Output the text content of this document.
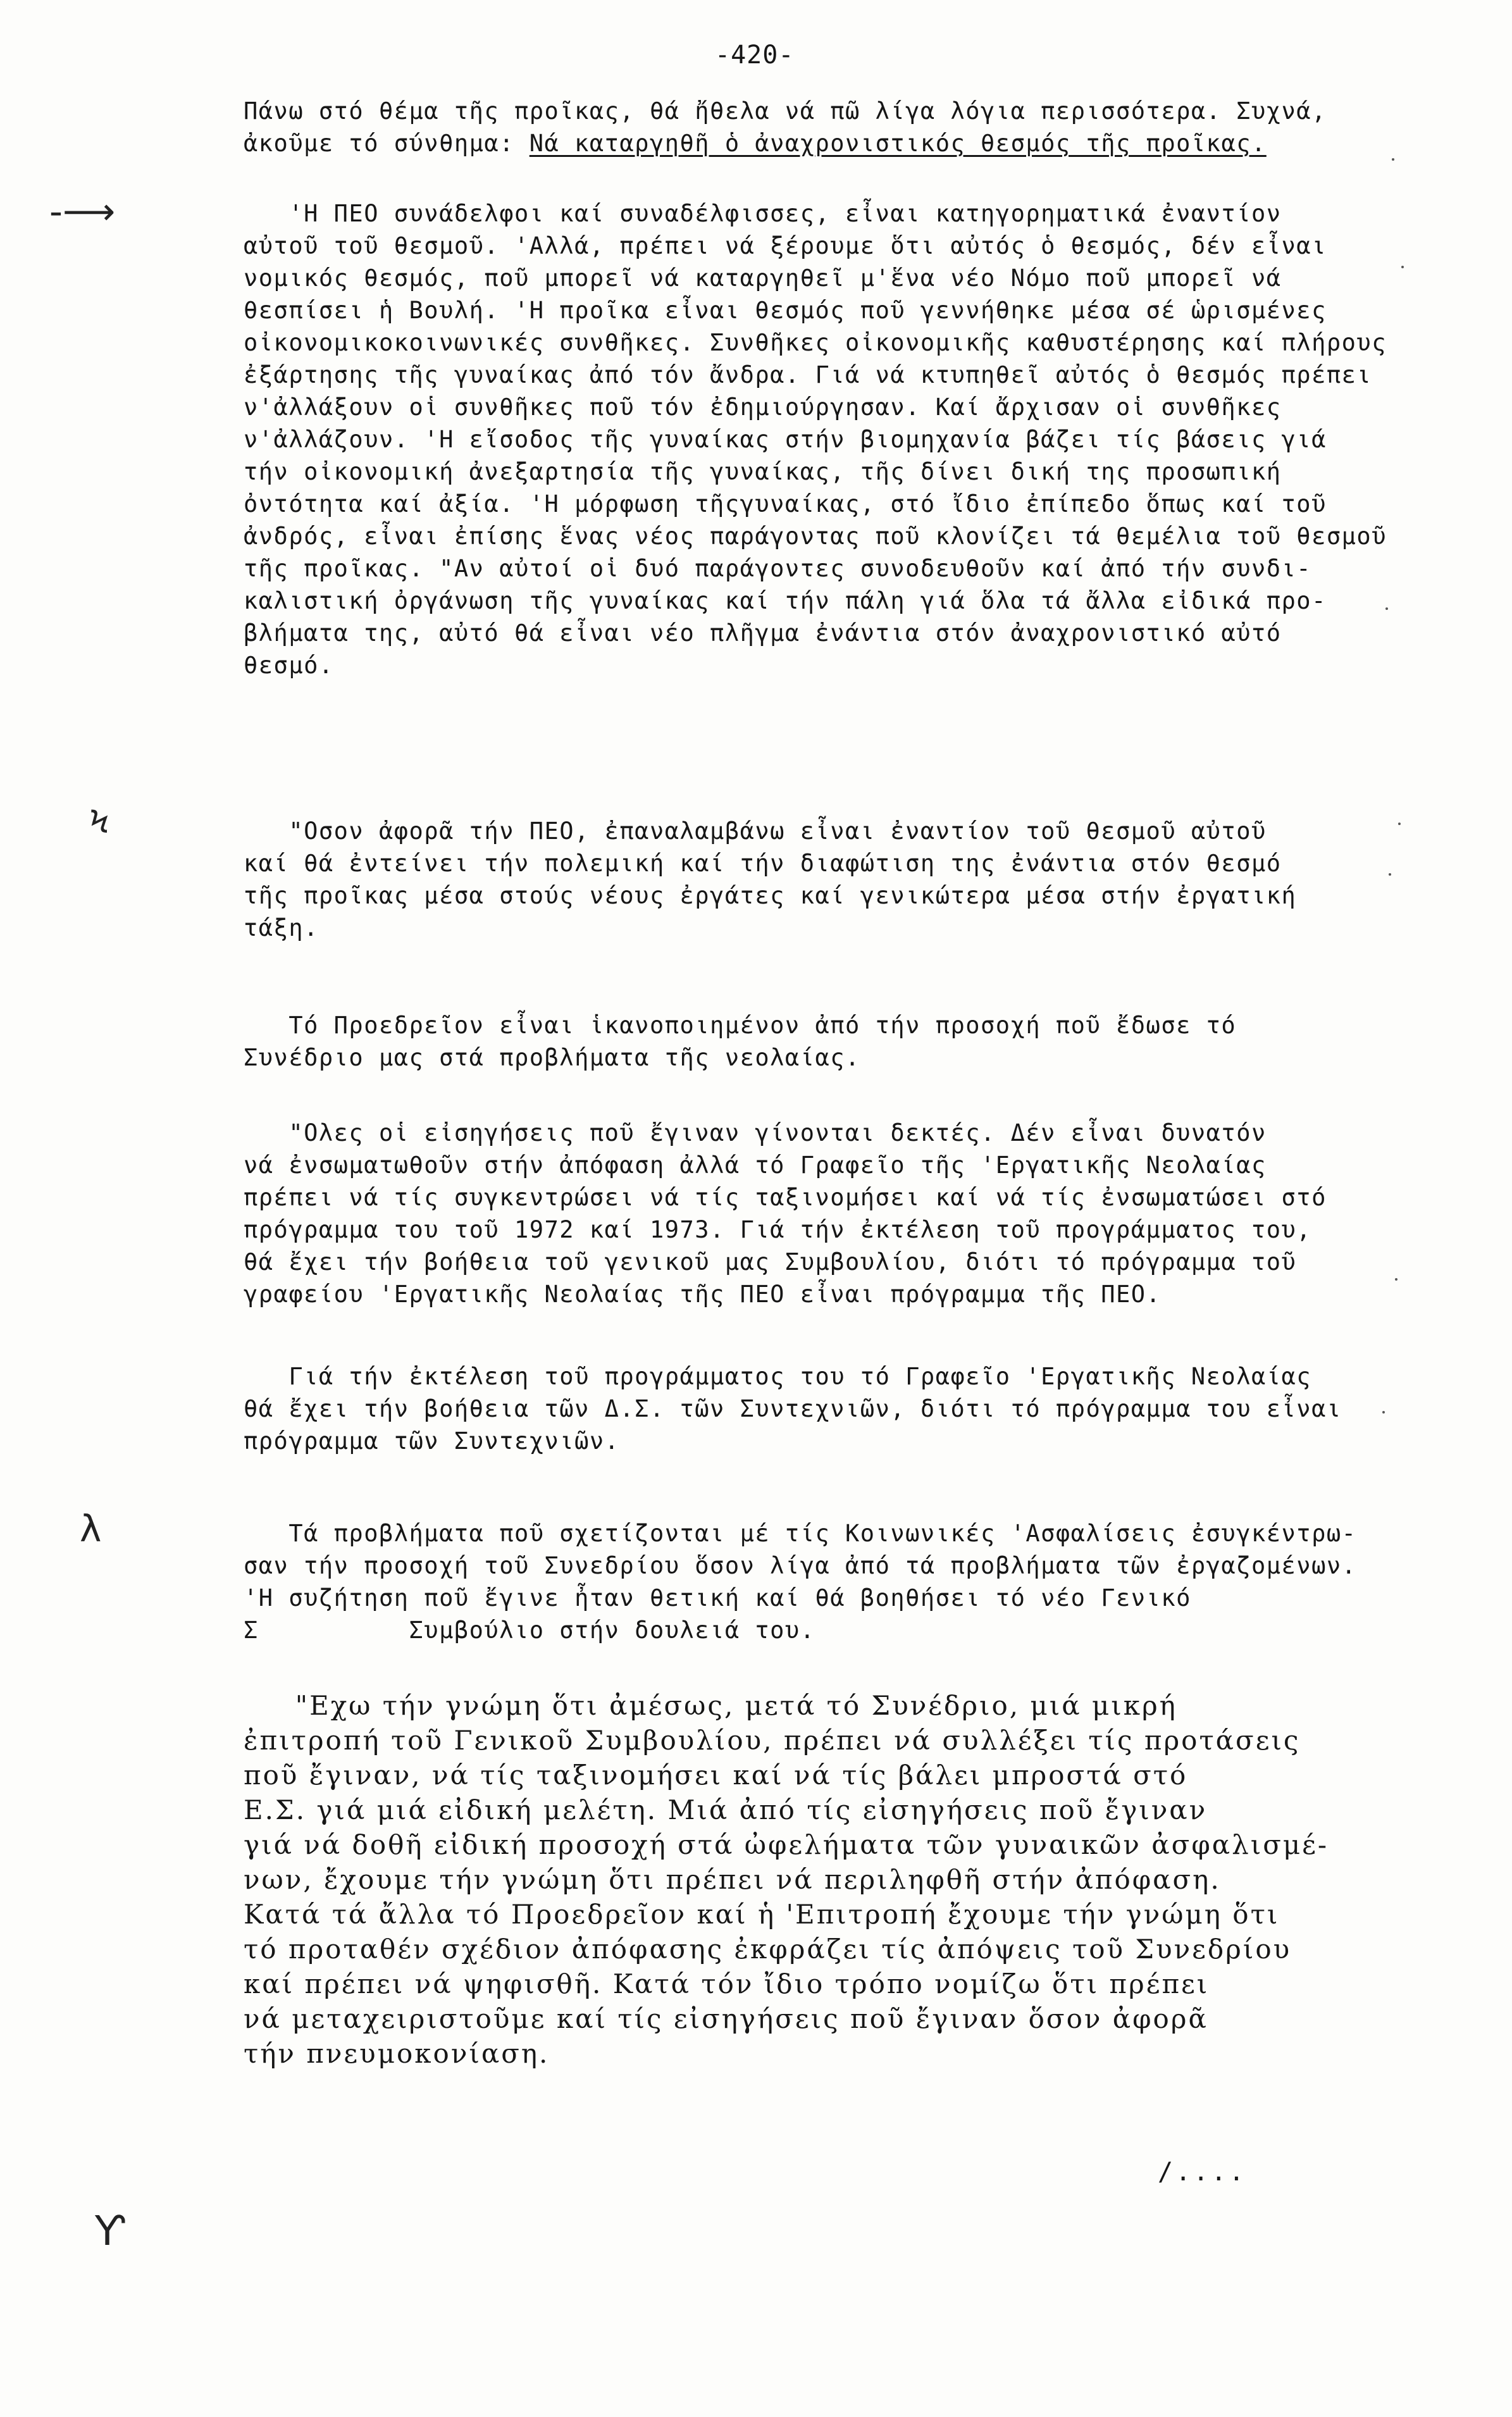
-420-
Πάνω στό θέμα τῆς προῖκας, θά ἤθελα νά πῶ λίγα λόγια περισσότερα. Συχνά,
ἀκοῦμε τό σύνθημα: Νά καταργηθῆ ὁ ἀναχρονιστικός θεσμός τῆς προῖκας.
'Η ΠΕΟ συνάδελφοι καί συναδέλφισσες, εἶναι κατηγορηματικά ἐναντίον
αὐτοῦ τοῦ θεσμοῦ. 'Αλλά, πρέπει νά ξέρουμε ὅτι αὐτός ὁ θεσμός, δέν εἶναι
νομικός θεσμός, ποῦ μπορεῖ νά καταργηθεῖ μ'ἕνα νέο Νόμο ποῦ μπορεῖ νά
θεσπίσει ἡ Βουλή. 'Η προῖκα εἶναι θεσμός ποῦ γεννήθηκε μέσα σέ ὡρισμένες
οἰκονομικοκοινωνικές συνθῆκες. Συνθῆκες οἰκονομικῆς καθυστέρησης καί πλήρους
ἐξάρτησης τῆς γυναίκας ἀπό τόν ἄνδρα. Γιά νά κτυπηθεῖ αὐτός ὁ θεσμός πρέπει
ν'ἀλλάξουν οἱ συνθῆκες ποῦ τόν ἐδημιούργησαν. Καί ἄρχισαν οἱ συνθῆκες
ν'ἀλλάζουν. 'Η εἴσοδος τῆς γυναίκας στήν βιομηχανία βάζει τίς βάσεις γιά
τήν οἰκονομική ἀνεξαρτησία τῆς γυναίκας, τῆς δίνει δική της προσωπική
ὀντότητα καί ἀξία. 'Η μόρφωση τῆςγυναίκας, στό ἴδιο ἐπίπεδο ὅπως καί τοῦ
ἀνδρός, εἶναι ἐπίσης ἕνας νέος παράγοντας ποῦ κλονίζει τά θεμέλια τοῦ θεσμοῦ
τῆς προῖκας. "Αν αὐτοί οἱ δυό παράγοντες συνοδευθοῦν καί ἀπό τήν συνδι-
καλιστική ὀργάνωση τῆς γυναίκας καί τήν πάλη γιά ὅλα τά ἄλλα εἰδικά προ-
βλήματα της, αὐτό θά εἶναι νέο πλῆγμα ἐνάντια στόν ἀναχρονιστικό αὐτό
θεσμό.
"Οσον ἀφορᾶ τήν ΠΕΟ, ἐπαναλαμβάνω εἶναι ἐναντίον τοῦ θεσμοῦ αὐτοῦ
καί θά ἐντείνει τήν πολεμική καί τήν διαφώτιση της ἐνάντια στόν θεσμό
τῆς προῖκας μέσα στούς νέους ἐργάτες καί γενικώτερα μέσα στήν ἐργατική
τάξη.
Τό Προεδρεῖον εἶναι ἱκανοποιημένον ἀπό τήν προσοχή ποῦ ἔδωσε τό
Συνέδριο μας στά προβλήματα τῆς νεολαίας.
"Ολες οἱ εἰσηγήσεις ποῦ ἔγιναν γίνονται δεκτές. Δέν εἶναι δυνατόν
νά ἐνσωματωθοῦν στήν ἀπόφαση ἀλλά τό Γραφεῖο τῆς 'Εργατικῆς Νεολαίας
πρέπει νά τίς συγκεντρώσει νά τίς ταξινομήσει καί νά τίς ἐνσωματώσει στό
πρόγραμμα του τοῦ 1972 καί 1973. Γιά τήν ἐκτέλεση τοῦ προγράμματος του,
θά ἔχει τήν βοήθεια τοῦ γενικοῦ μας Συμβουλίου, διότι τό πρόγραμμα τοῦ
γραφείου 'Εργατικῆς Νεολαίας τῆς ΠΕΟ εἶναι πρόγραμμα τῆς ΠΕΟ.
Γιά τήν ἐκτέλεση τοῦ προγράμματος του τό Γραφεῖο 'Εργατικῆς Νεολαίας
θά ἔχει τήν βοήθεια τῶν Δ.Σ. τῶν Συντεχνιῶν, διότι τό πρόγραμμα του εἶναι
πρόγραμμα τῶν Συντεχνιῶν.
Τά προβλήματα ποῦ σχετίζονται μέ τίς Κοινωνικές 'Ασφαλίσεις ἐσυγκέντρω-
σαν τήν προσοχή τοῦ Συνεδρίου ὅσον λίγα ἀπό τά προβλήματα τῶν ἐργαζομένων.
'Η συζήτηση ποῦ ἔγινε ἦταν θετική καί θά βοηθήσει τό νέο Γενικό
Σ          Συμβούλιο στήν δουλειά του.
"Εχω τήν γνώμη ὅτι ἀμέσως, μετά τό Συνέδριο, μιά μικρή
ἐπιτροπή τοῦ Γενικοῦ Συμβουλίου, πρέπει νά συλλέξει τίς προτάσεις
ποῦ ἔγιναν, νά τίς ταξινομήσει καί νά τίς βάλει μπροστά στό
Ε.Σ. γιά μιά εἰδική μελέτη. Μιά ἀπό τίς εἰσηγήσεις ποῦ ἔγιναν
γιά νά δοθῆ εἰδική προσοχή στά ὠφελήματα τῶν γυναικῶν ἀσφαλισμέ-
νων, ἔχουμε τήν γνώμη ὅτι πρέπει νά περιληφθῆ στήν ἀπόφαση.
Κατά τά ἄλλα τό Προεδρεῖον καί ἡ 'Επιτροπή ἔχουμε τήν γνώμη ὅτι
τό προταθέν σχέδιον ἀπόφασης ἐκφράζει τίς ἀπόψεις τοῦ Συνεδρίου
καί πρέπει νά ψηφισθῆ. Κατά τόν ἴδιο τρόπο νομίζω ὅτι πρέπει
νά μεταχειριστοῦμε καί τίς εἰσηγήσεις ποῦ ἔγιναν ὅσον ἀφορᾶ
τήν πνευμοκονίαση.
/....
-⟶
Ϟ
λ
Ƴ
